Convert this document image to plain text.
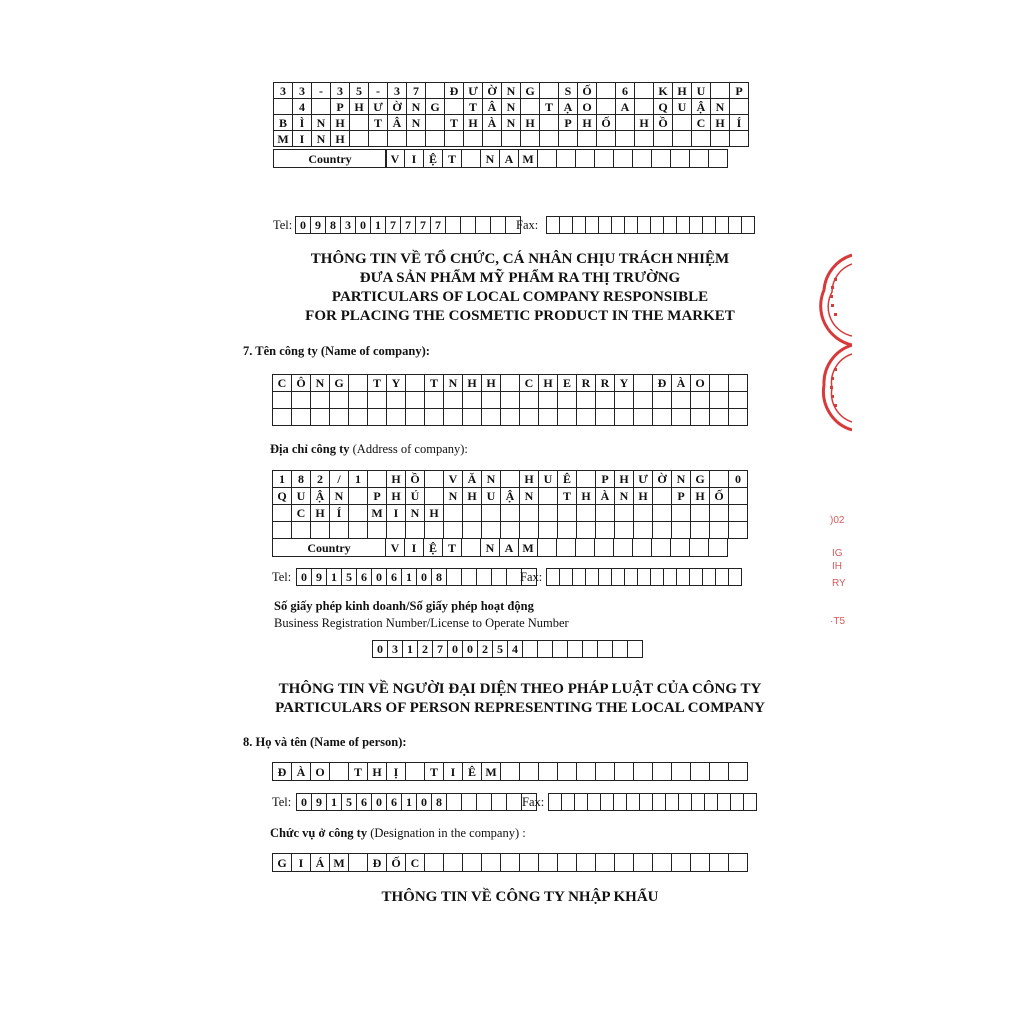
3	3	-	3	5	-	3	7		Đ	Ư	Ờ	N	G		S	Ố		6		K	H	U		P
	4		P	H	Ư	Ờ	N	G		T	Â	N		T	Ạ	O		A		Q	U	Ậ	N	
B	Ì	N	H		T	Â	N		T	H	À	N	H		P	H	Ố		H	Ồ		C	H	Í
M	I	N	H																					
Country		V	I	Ệ	T		N	A	M										
Tel: 0	9	8	3	0	1	7	7	7	7						Fax:

THÔNG TIN VỀ TỔ CHỨC, CÁ NHÂN CHỊU TRÁCH NHIỆM
ĐƯA SẢN PHẨM MỸ PHẨM RA THỊ TRƯỜNG
PARTICULARS OF LOCAL COMPANY RESPONSIBLE
FOR PLACING THE COSMETIC PRODUCT IN THE MARKET
7. Tên công ty (Name of company):
C	Ô	N	G		T	Y		T	N	H	H		C	H	E	R	R	Y		Đ	À	O		

Địa chỉ công ty (Address of company):
1	8	2	/	1		H	Ồ		V	Ă	N		H	U	Ê		P	H	Ư	Ờ	N	G		0
Q	U	Ậ	N		P	H	Ú		N	H	U	Ậ	N		T	H	À	N	H		P	H	Ố	
	C	H	Í		M	I	N	H																

Country	V	I	Ệ	T		N	A	M										
Tel: 0	9	1	5	6	0	6	1	0	8							Fax:

Số giấy phép kinh doanh/Số giấy phép hoạt động
Business Registration Number/License to Operate Number
0	3	1	2	7	0	0	2	5	4								
THÔNG TIN VỀ NGƯỜI ĐẠI DIỆN THEO PHÁP LUẬT CỦA CÔNG TY
PARTICULARS OF PERSON REPRESENTING THE LOCAL COMPANY
8. Họ và tên (Name of person):
Đ	À	O		T	H	Ị		T	I	Ê	M													
Tel: 0	9	1	5	6	0	6	1	0	8							Fax:

Chức vụ ở công ty (Designation in the company) :
G	I	Á	M		Đ	Ố	C																	
THÔNG TIN VỀ CÔNG TY NHẬP KHẨU
)02
IG
IH
RY
·T5
